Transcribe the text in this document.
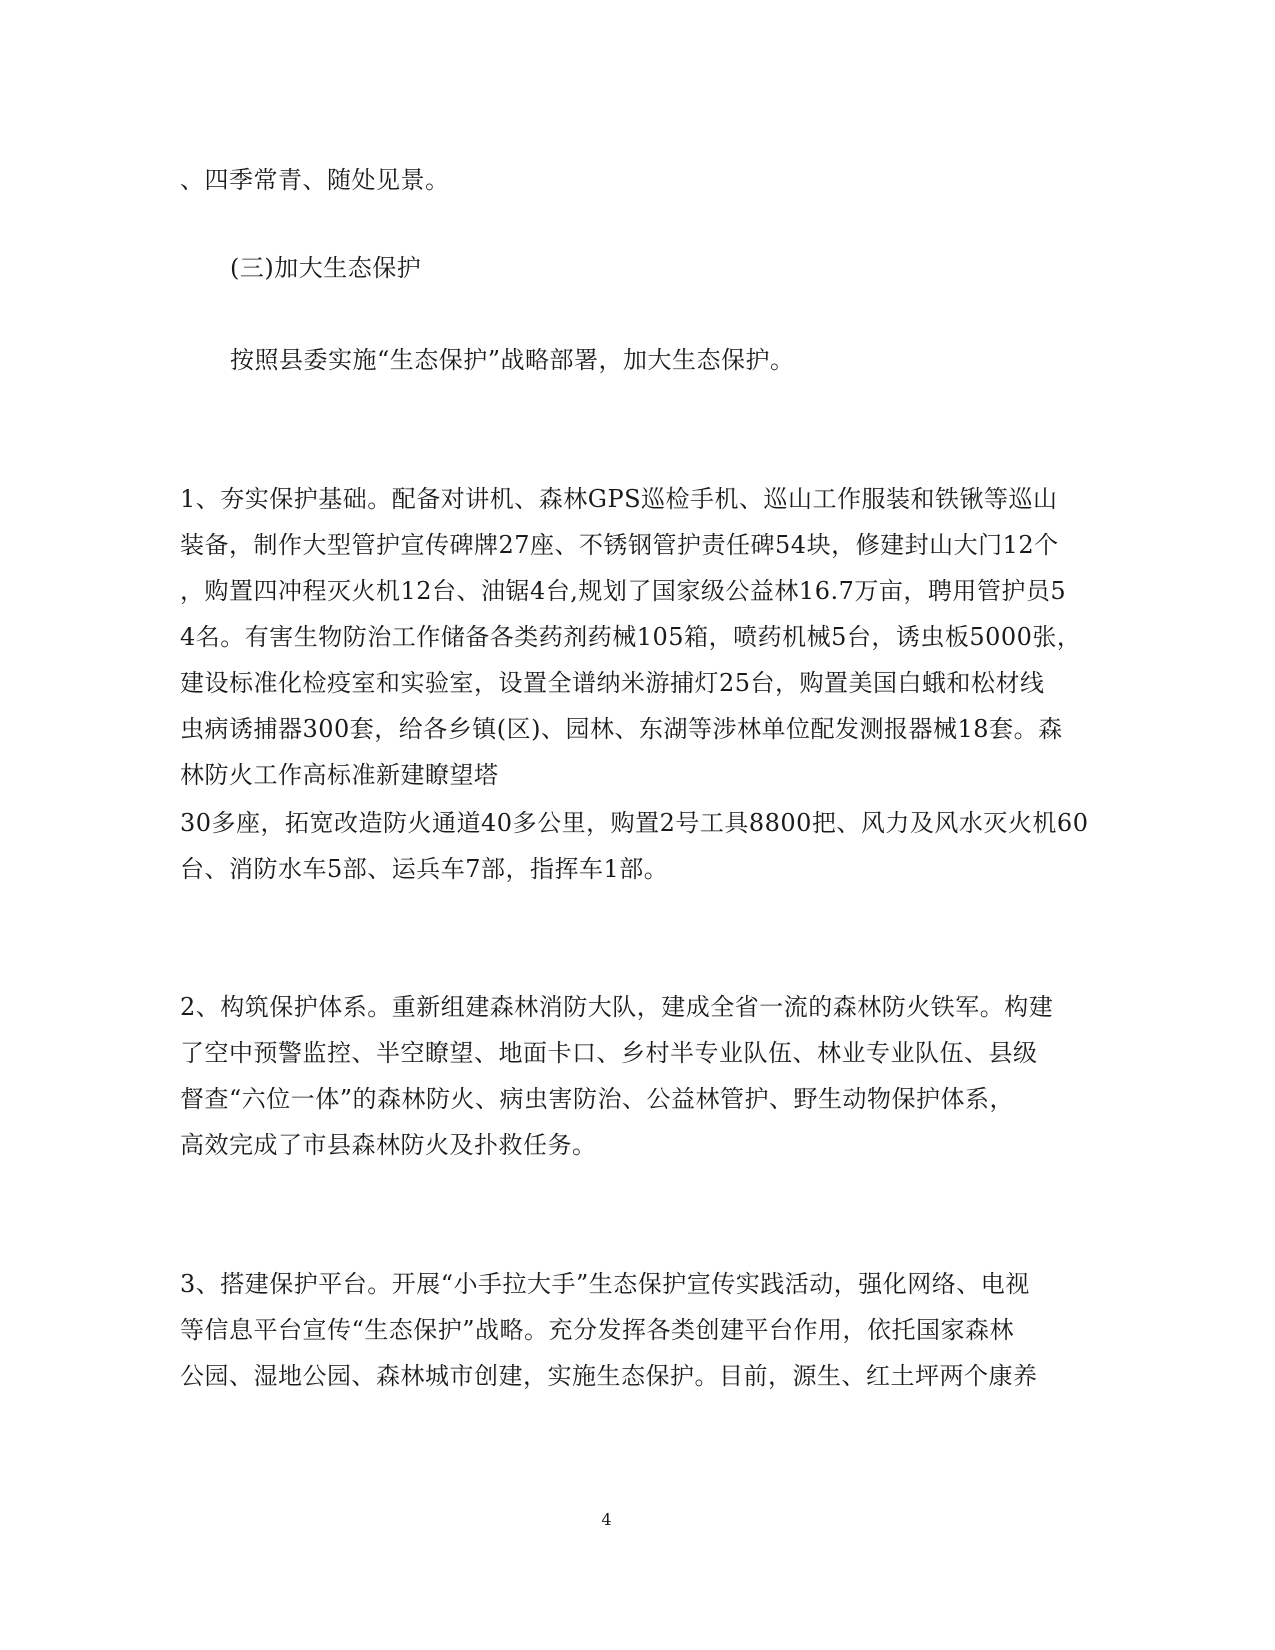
、四季常青、随处见景。
(三)加大生态保护
按照县委实施“生态保护”战略部署，加大生态保护。
1、夯实保护基础。配备对讲机、森林GPS巡检手机、巡山工作服装和铁锹等巡山
装备，制作大型管护宣传碑牌27座、不锈钢管护责任碑54块，修建封山大门12个
，购置四冲程灭火机12台、油锯4台,规划了国家级公益林16.7万亩，聘用管护员5
4名。有害生物防治工作储备各类药剂药械105箱，喷药机械5台，诱虫板5000张，
建设标准化检疫室和实验室，设置全谱纳米游捕灯25台，购置美国白蛾和松材线
虫病诱捕器300套，给各乡镇(区)、园林、东湖等涉林单位配发测报器械18套。森
林防火工作高标准新建瞭望塔
30多座，拓宽改造防火通道40多公里，购置2号工具8800把、风力及风水灭火机60
台、消防水车5部、运兵车7部，指挥车1部。
2、构筑保护体系。重新组建森林消防大队，建成全省一流的森林防火铁军。构建
了空中预警监控、半空瞭望、地面卡口、乡村半专业队伍、林业专业队伍、县级
督查“六位一体”的森林防火、病虫害防治、公益林管护、野生动物保护体系，
高效完成了市县森林防火及扑救任务。
3、搭建保护平台。开展“小手拉大手”生态保护宣传实践活动，强化网络、电视
等信息平台宣传“生态保护”战略。充分发挥各类创建平台作用，依托国家森林
公园、湿地公园、森林城市创建，实施生态保护。目前，源生、红土坪两个康养
4
